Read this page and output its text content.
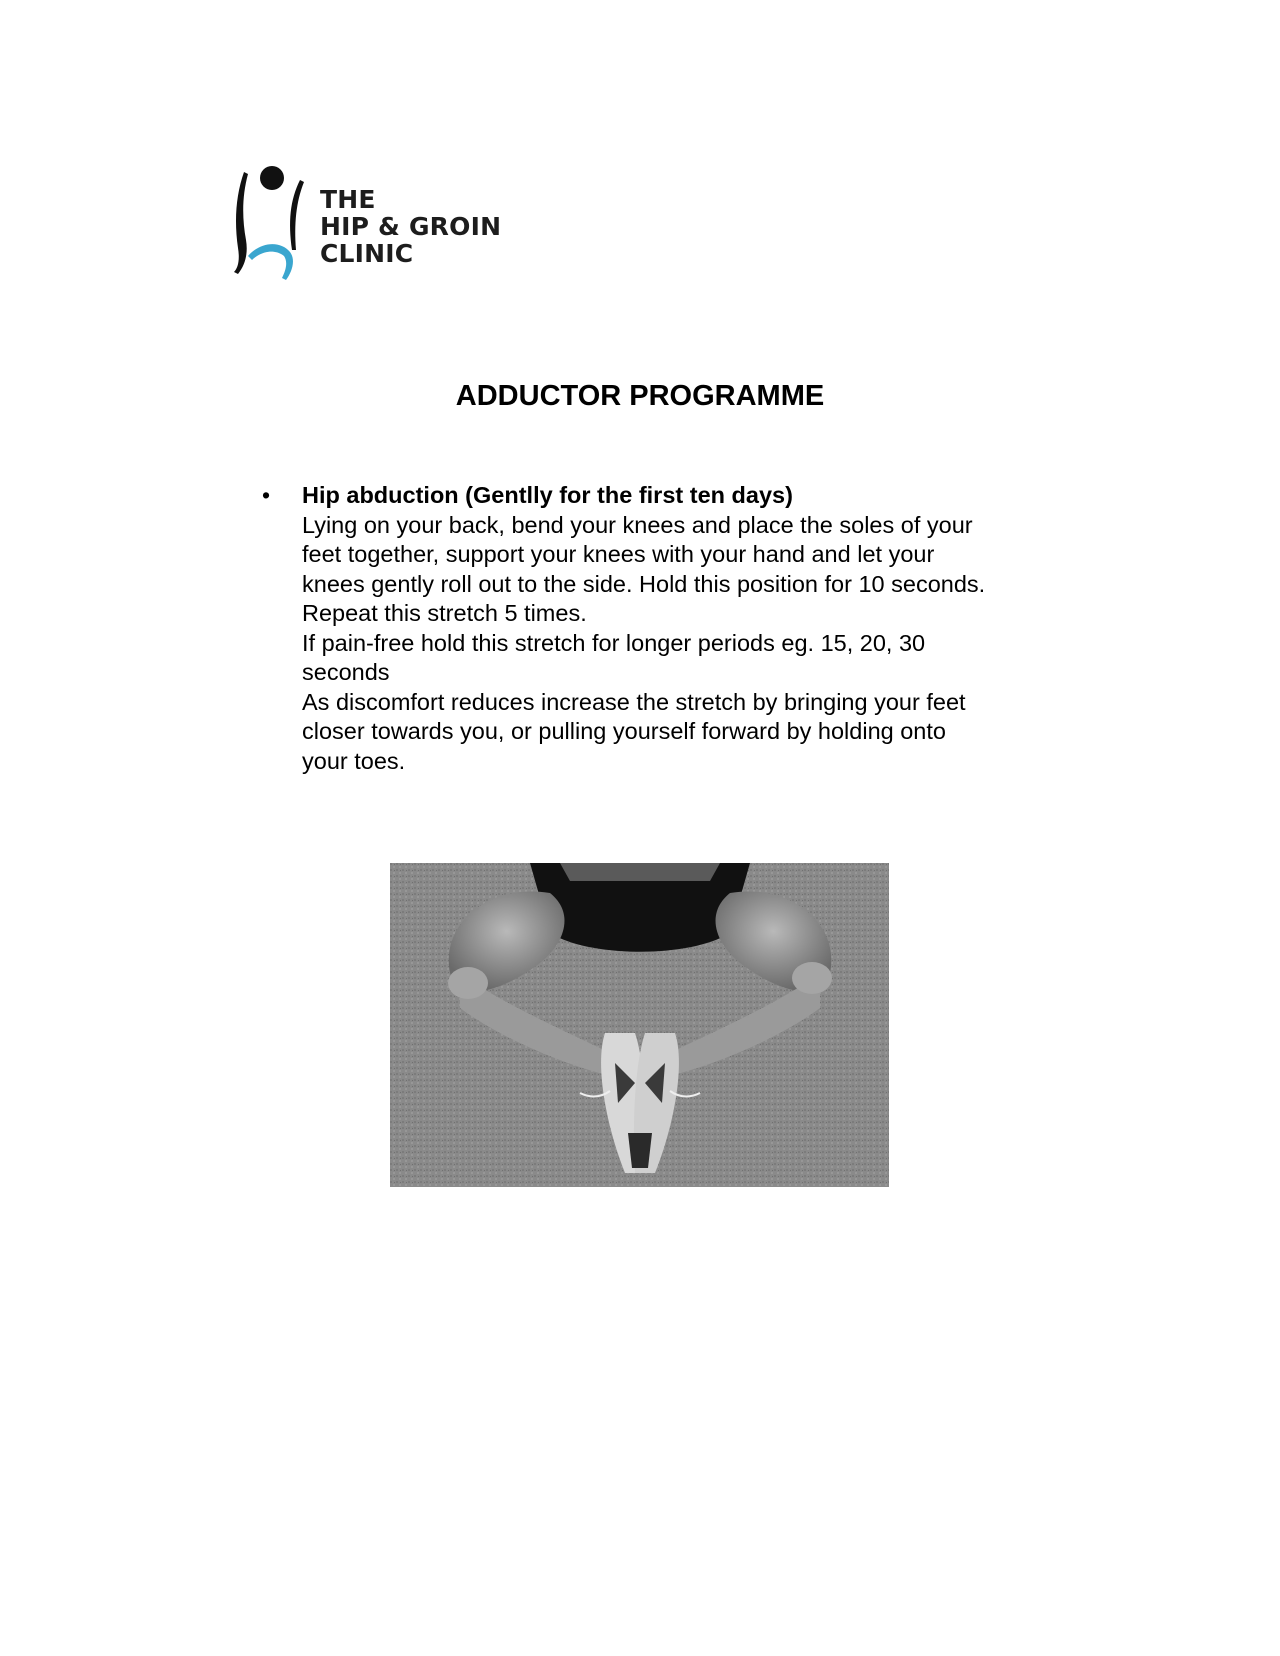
THE
HIP & GROIN
CLINIC
ADDUCTOR PROGRAMME
• Hip abduction (Gentlly for the first ten days)

Lying on your back, bend your knees and place the soles of your

feet together, support your knees with your hand and let your

knees gently roll out to the side. Hold this position for 10 seconds.

Repeat this stretch 5 times.

If pain-free hold this stretch for longer periods eg. 15, 20, 30

seconds

As discomfort reduces increase the stretch by bringing your feet

closer towards you, or pulling yourself forward by holding onto

your toes.
